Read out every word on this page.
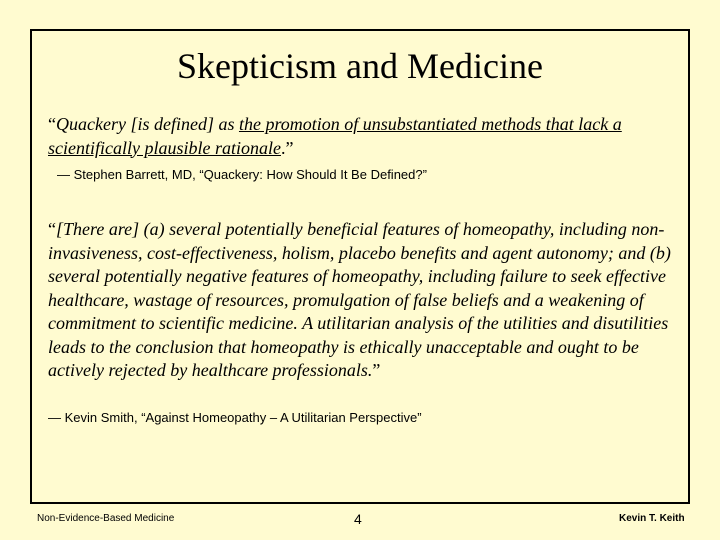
Skepticism and Medicine

“Quackery [is defined] as the promotion of unsubstantiated methods that lack a scientifically plausible rationale.”

— Stephen Barrett, MD, “Quackery: How Should It Be Defined?”

“[There are] (a) several potentially beneficial features of homeopathy, including non-invasiveness, cost-effectiveness, holism, placebo benefits and agent autonomy; and (b) several potentially negative features of homeopathy, including failure to seek effective healthcare, wastage of resources, promulgation of false beliefs and a weakening of commitment to scientific medicine. A utilitarian analysis of the utilities and disutilities leads to the conclusion that homeopathy is ethically unacceptable and ought to be actively rejected by healthcare professionals.”

— Kevin Smith, “Against Homeopathy – A Utilitarian Perspective”

Non-Evidence-Based Medicine	4	Kevin T. Keith
